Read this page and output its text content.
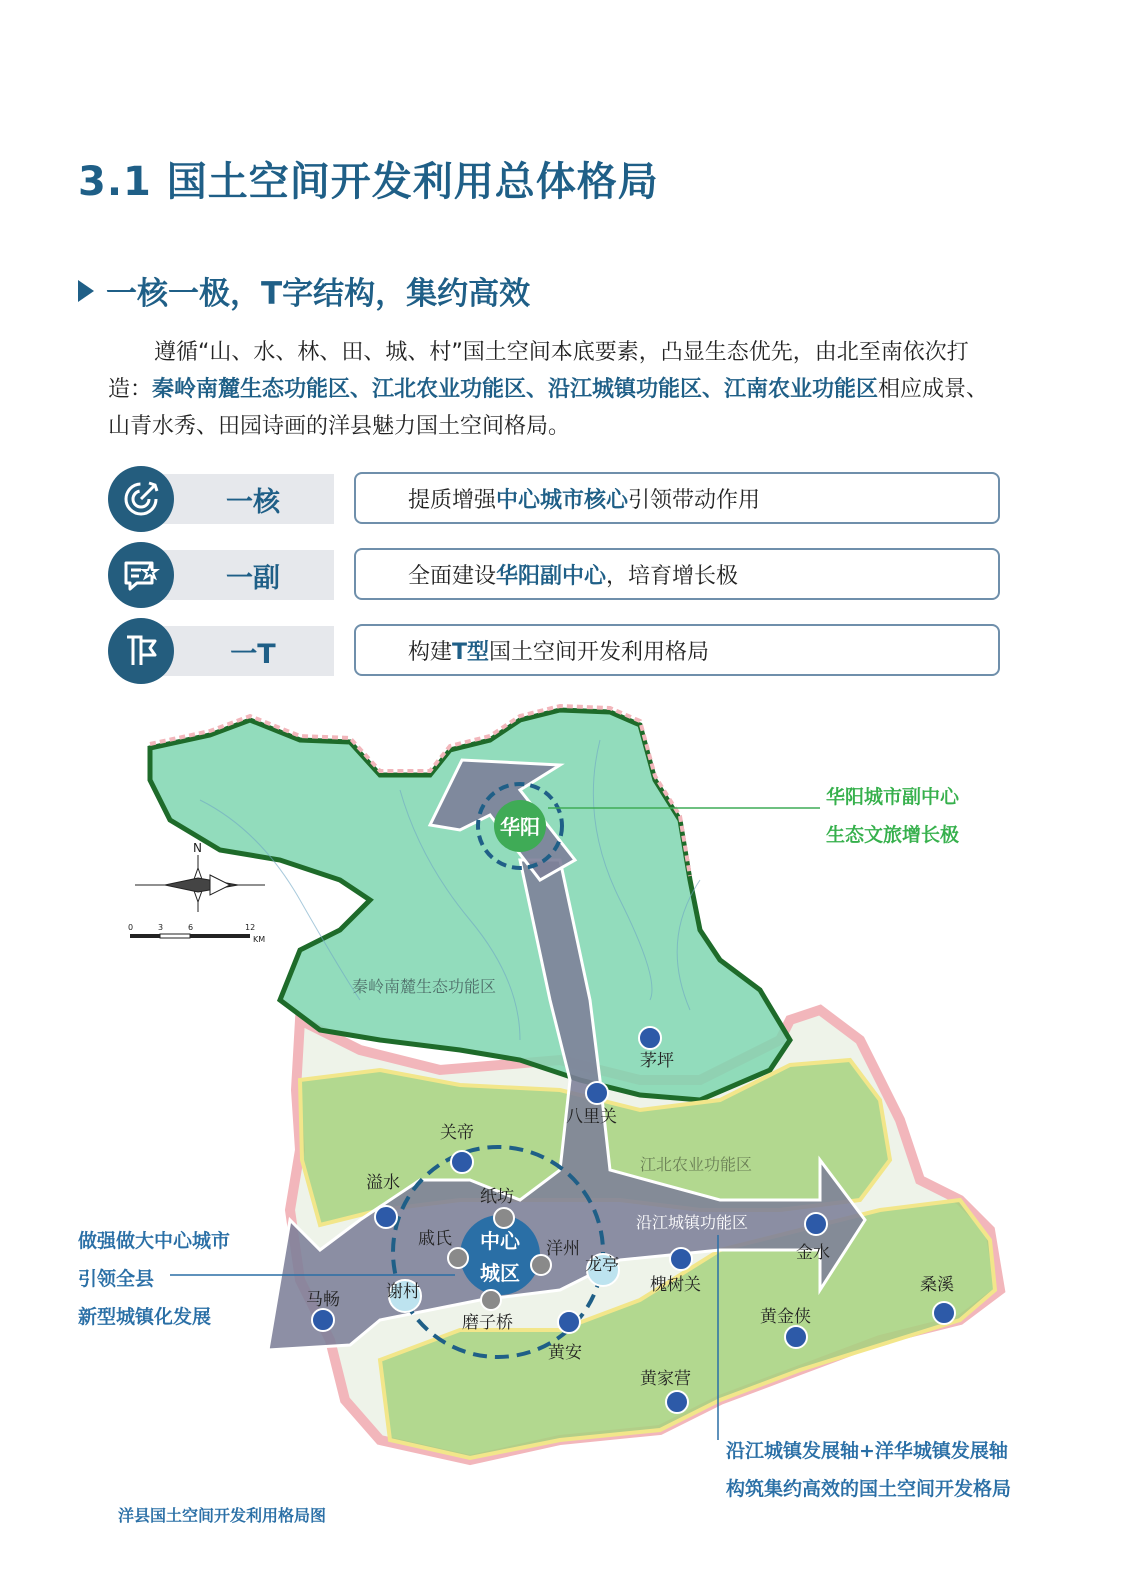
3.1 国土空间开发利用总体格局
一核一极，T字结构，集约高效
遵循“山、水、林、田、城、村”国土空间本底要素，凸显生态优先，由北至南依次打造：秦岭南麓生态功能区、江北农业功能区、沿江城镇功能区、江南农业功能区相应成景、山青水秀、田园诗画的洋县魅力国土空间格局。
一核	提质增强中心城市核心引领带动作用
一副	全面建设华阳副中心，培育增长极
一T	构建T型国土空间开发利用格局
华阳
中心
城区
秦岭南麓生态功能区
江北农业功能区
沿江城镇功能区
茅坪
八里关
关帝
溢水
纸坊
戚氏	洋州
龙亭
槐树关
金水
桑溪
马畅	谢村
磨子桥
黄安
黄金侠
黄家营
N
0	3	6	12
KM
华阳城市副中心
生态文旅增长极
做强做大中心城市
引领全县
新型城镇化发展
沿江城镇发展轴+洋华城镇发展轴
构筑集约高效的国土空间开发格局
洋县国土空间开发利用格局图
